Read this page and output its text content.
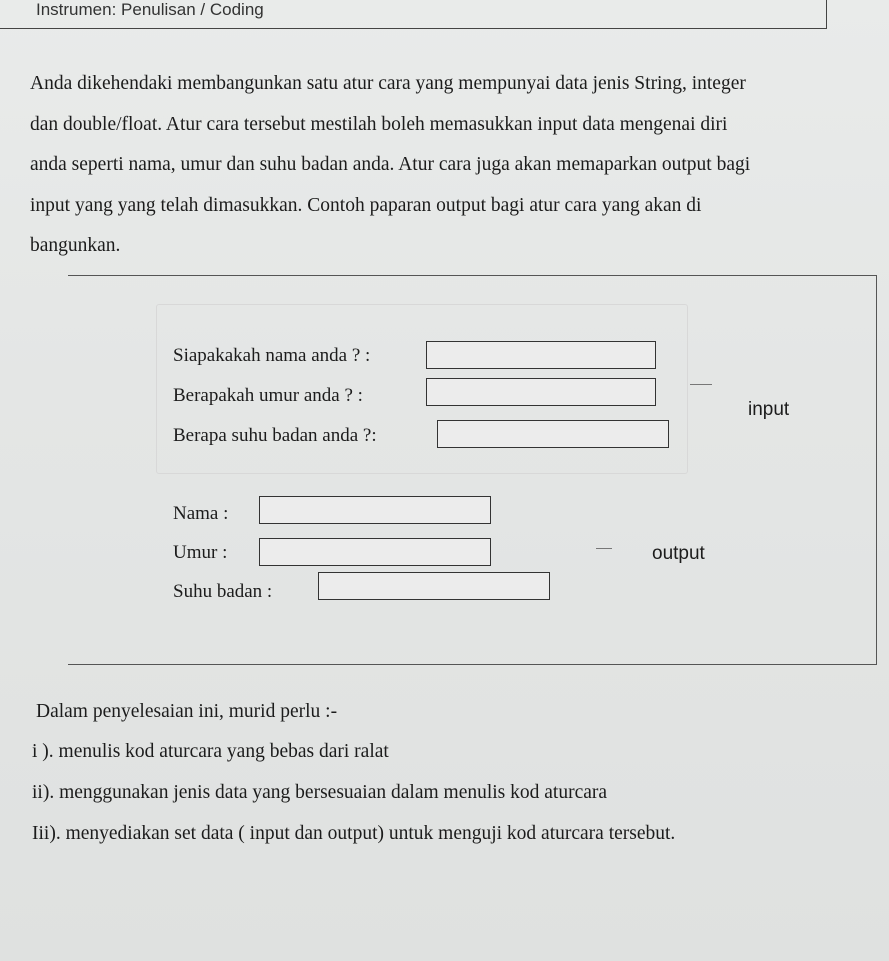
Instrumen: Penulisan / Coding
Anda dikehendaki membangunkan satu atur cara yang mempunyai data jenis String, integer
dan double/float. Atur cara tersebut mestilah boleh memasukkan input data mengenai diri
anda seperti nama, umur dan suhu badan anda. Atur cara juga akan memaparkan output bagi
input yang yang telah dimasukkan. Contoh paparan output bagi atur cara yang akan di
bangunkan.
Siapakakah nama anda ? :
Berapakah umur anda ? :
Berapa suhu badan anda ?:
input
Nama :
Umur :
Suhu badan :
output
Dalam penyelesaian ini, murid perlu :-
i ). menulis kod aturcara yang bebas dari ralat
ii). menggunakan jenis data yang bersesuaian dalam menulis kod aturcara
Iii). menyediakan set data ( input dan output) untuk menguji kod aturcara tersebut.
